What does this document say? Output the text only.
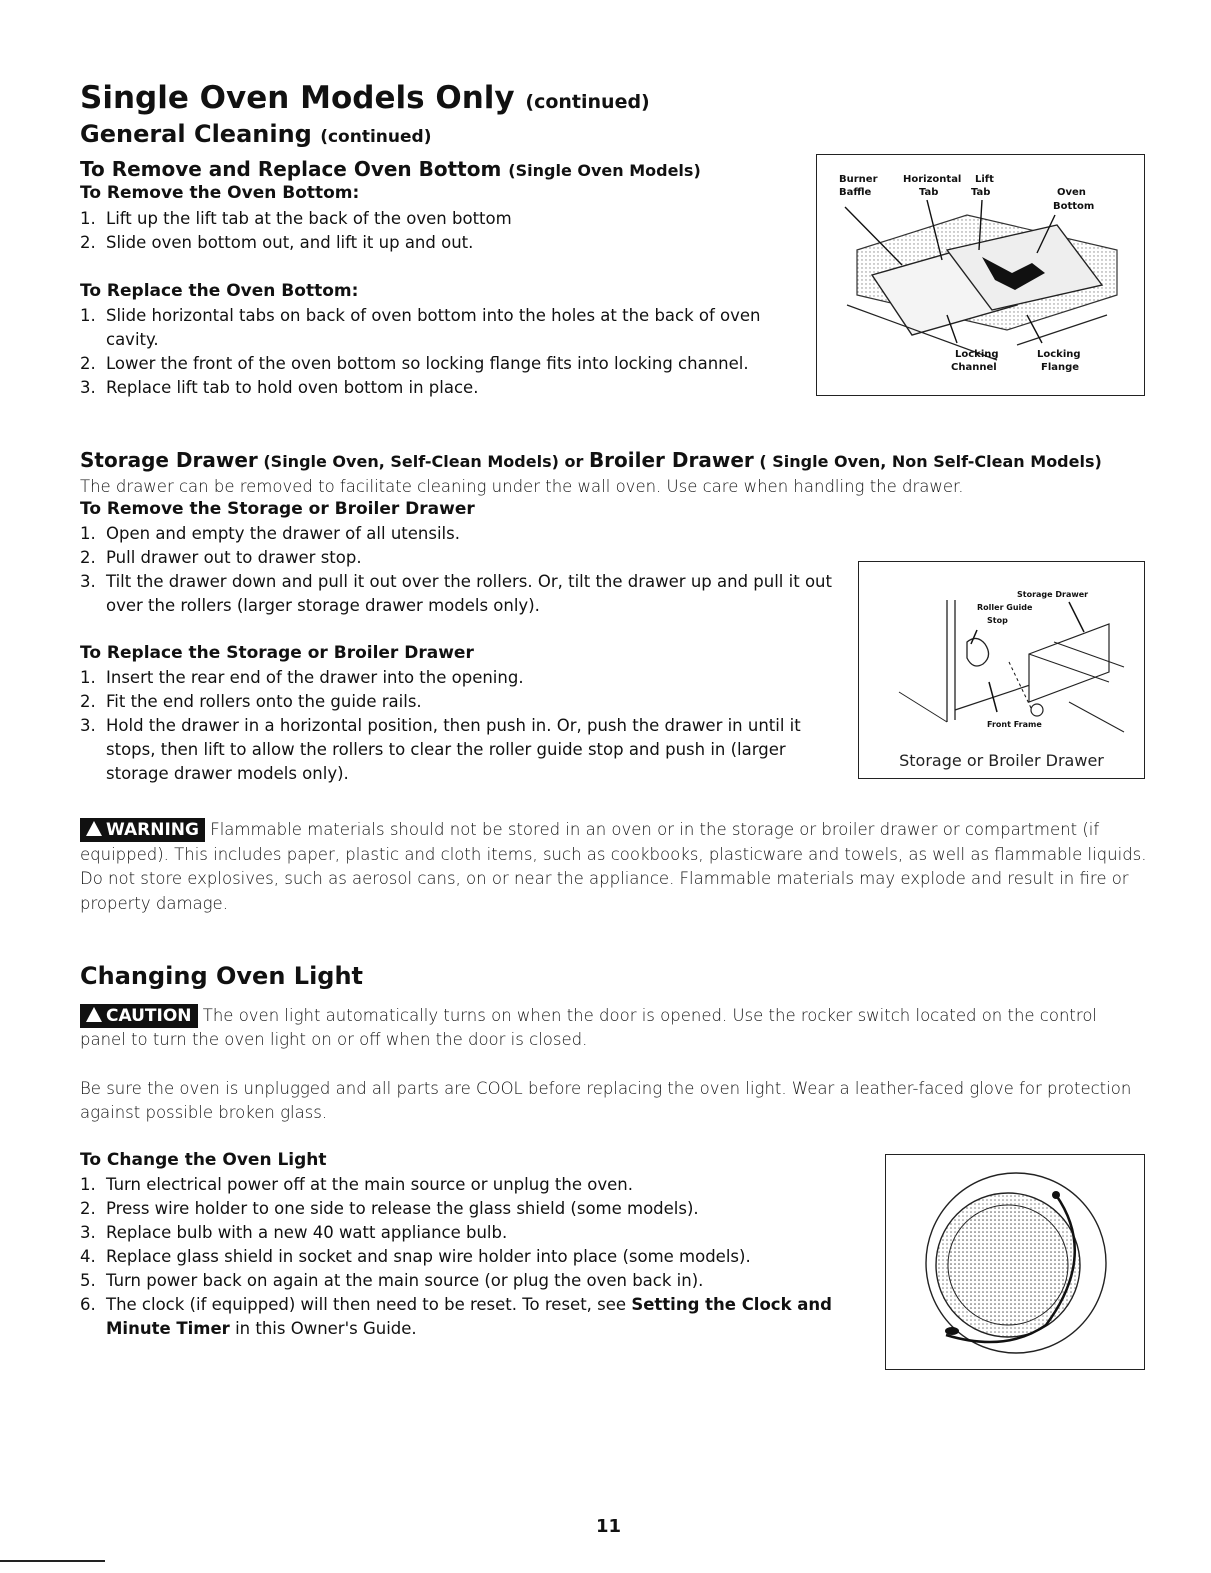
Single Oven Models Only (continued)
General Cleaning (continued)
To Remove and Replace Oven Bottom (Single Oven Models)
To Remove the Oven Bottom:
1. Lift up the lift tab at the back of the oven bottom
2. Slide oven bottom out, and lift it up and out.
To Replace the Oven Bottom:
1. Slide horizontal tabs on back of oven bottom into the holes at the back of oven cavity.
2. Lower the front of the oven bottom so locking flange fits into locking channel.
3. Replace lift tab to hold oven bottom in place.
Burner
Baffle
Horizontal
Tab
Lift
Tab	Oven
Bottom
Locking
Channel
Locking
Flange
Storage Drawer (Single Oven, Self-Clean Models) or Broiler Drawer ( Single Oven, Non Self-Clean Models)
The drawer can be removed to facilitate cleaning under the wall oven. Use care when handling the drawer.
To Remove the Storage or Broiler Drawer
1. Open and empty the drawer of all utensils.
2. Pull drawer out to drawer stop.
3. Tilt the drawer down and pull it out over the rollers. Or, tilt the drawer up and pull it out over the rollers (larger storage drawer models only).
To Replace the Storage or Broiler Drawer
1. Insert the rear end of the drawer into the opening.
2. Fit the end rollers onto the guide rails.
3. Hold the drawer in a horizontal position, then push in. Or, push the drawer in until it stops, then lift to allow the rollers to clear the roller guide stop and push in (larger storage drawer models only).
Storage Drawer
Roller Guide
Stop
Front Frame
Storage or Broiler Drawer
WARNING Flammable materials should not be stored in an oven or in the storage or broiler drawer or compartment (if equipped). This includes paper, plastic and cloth items, such as cookbooks, plasticware and towels, as well as flammable liquids. Do not store explosives, such as aerosol cans, on or near the appliance. Flammable materials may explode and result in fire or property damage.
Changing Oven Light
CAUTION The oven light automatically turns on when the door is opened. Use the rocker switch located on the control panel to turn the oven light on or off when the door is closed.
Be sure the oven is unplugged and all parts are COOL before replacing the oven light. Wear a leather-faced glove for protection against possible broken glass.
To Change the Oven Light
1. Turn electrical power off at the main source or unplug the oven.
2. Press wire holder to one side to release the glass shield (some models).
3. Replace bulb with a new 40 watt appliance bulb.
4. Replace glass shield in socket and snap wire holder into place (some models).
5. Turn power back on again at the main source (or plug the oven back in).
6. The clock (if equipped) will then need to be reset. To reset, see Setting the Clock and Minute Timer in this Owner's Guide.
11
